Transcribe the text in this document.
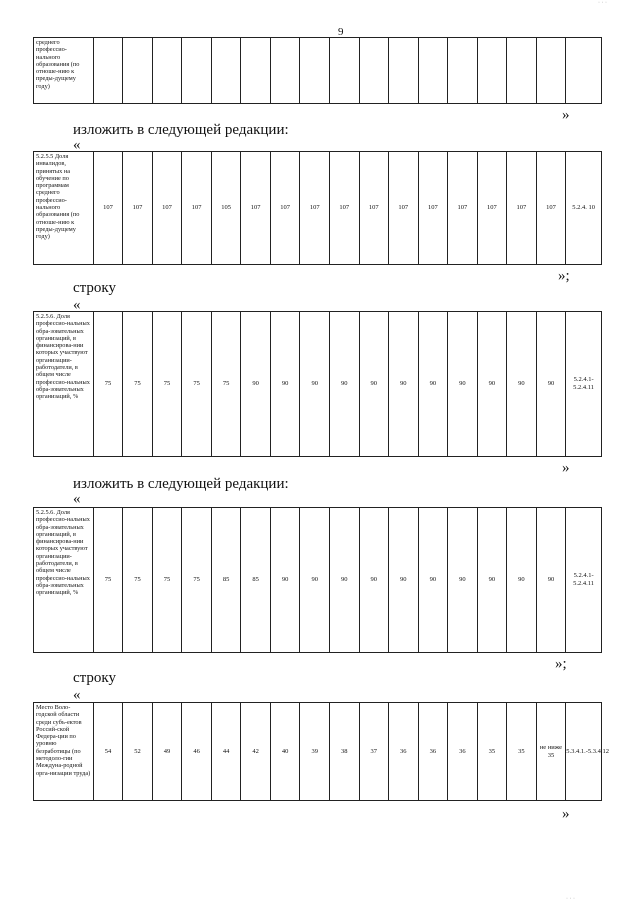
9
· · ·
· · ·
среднего профессио-нального образования (по отноше-нию к преды-дущему году)																	
»
изложить в следующей редакции:
«
5.2.5.5 Доля инвалидов, принятых на обучение по программам среднего профессио-нального образования (по отноше-нию к преды-дущему году)	107	107	107	107	105	107	107	107	107	107	107	107	107	107	107	107	5.2.4. 10
»;
строку
«
5.2.5.6. Доля профессио-нальных обра-зовательных организаций, в финансирова-нии которых участвуют организации-работодатели, в общем числе профессио-нальных обра-зовательных организаций, %	75	75	75	75	75	90	90	90	90	90	90	90	90	90	90	90	5.2.4.1-5.2.4.11
»
изложить в следующей редакции:
«
5.2.5.6. Доля профессио-нальных обра-зовательных организаций, в финансирова-нии которых участвуют организации-работодатели, в общем числе профессио-нальных обра-зовательных организаций, %	75	75	75	75	85	85	90	90	90	90	90	90	90	90	90	90	5.2.4.1-5.2.4.11
»;
строку
«
Место Воло-годской области среди субъ-ектов Россий-ской Федера-ции по уровню безработицы (по методоло-гии Междуна-родной орга-низации труда)	54	52	49	46	44	42	40	39	38	37	36	36	36	35	35	не ниже 35	5.3.4.1.-5.3.4.12
»
